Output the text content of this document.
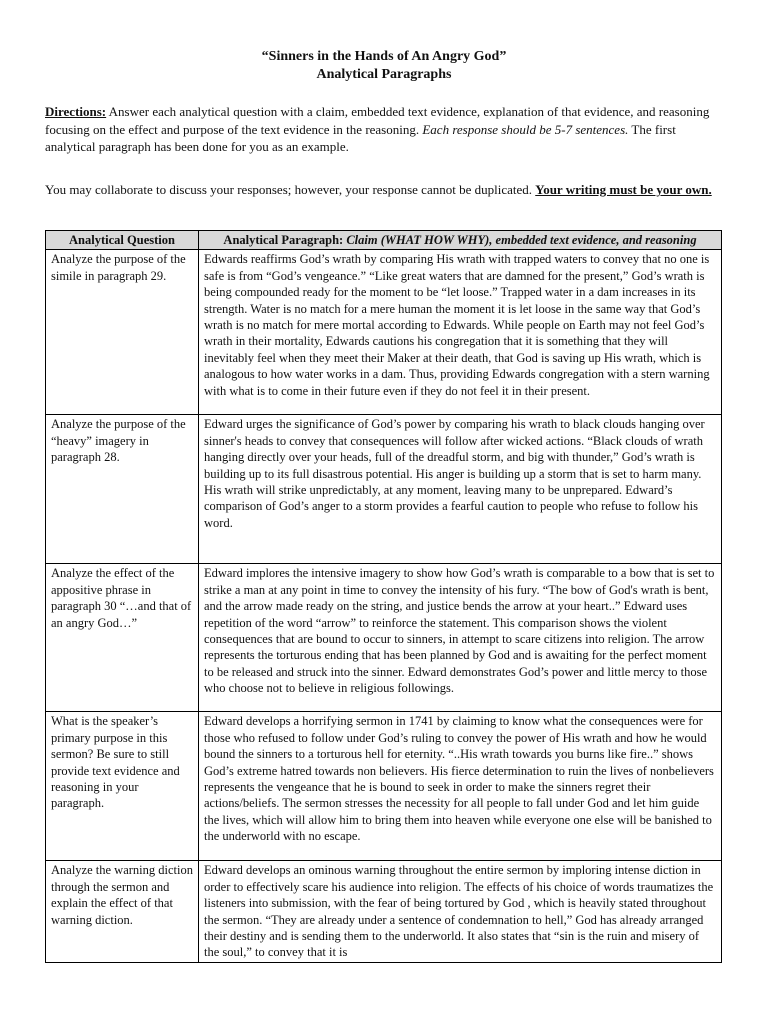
“Sinners in the Hands of An Angry God”
Analytical Paragraphs
Directions: Answer each analytical question with a claim, embedded text evidence, explanation of that evidence, and reasoning focusing on the effect and purpose of the text evidence in the reasoning. Each response should be 5-7 sentences. The first analytical paragraph has been done for you as an example.
You may collaborate to discuss your responses; however, your response cannot be duplicated. Your writing must be your own.
Analytical Question	Analytical Paragraph: Claim (WHAT HOW WHY), embedded text evidence, and reasoning
Analyze the purpose of the simile in paragraph 29.	Edwards reaffirms God’s wrath by comparing His wrath with trapped waters to convey that no one is safe is from “God’s vengeance.” “Like great waters that are damned for the present,” God’s wrath is being compounded ready for the moment to be “let loose.” Trapped water in a dam increases in its strength. Water is no match for a mere human the moment it is let loose in the same way that God’s wrath is no match for mere mortal according to Edwards. While people on Earth may not feel God’s wrath in their mortality, Edwards cautions his congregation that it is something that they will inevitably feel when they meet their Maker at their death, that God is saving up His wrath, which is analogous to how water works in a dam. Thus, providing Edwards congregation with a stern warning with what is to come in their future even if they do not feel it in their present.
Analyze the purpose of the “heavy” imagery in paragraph 28.	Edward urges the significance of God’s power by comparing his wrath to black clouds hanging over sinner's heads to convey that consequences will follow after wicked actions. “Black clouds of wrath hanging directly over your heads, full of the dreadful storm, and big with thunder,” God’s wrath is building up to its full disastrous potential. His anger is building up a storm that is set to harm many. His wrath will strike unpredictably, at any moment, leaving many to be unprepared. Edward’s comparison of God’s anger to a storm provides a fearful caution to people who refuse to follow his word.
Analyze the effect of the appositive phrase in paragraph 30 “…and that of an angry God…”	Edward implores the intensive imagery to show how God’s wrath is comparable to a bow that is set to strike a man at any point in time to convey the intensity of his fury. “The bow of God's wrath is bent, and the arrow made ready on the string, and justice bends the arrow at your heart..” Edward uses repetition of the word “arrow” to reinforce the statement. This comparison shows the violent consequences that are bound to occur to sinners, in attempt to scare citizens into religion. The arrow represents the torturous ending that has been planned by God and is awaiting for the perfect moment to be released and struck into the sinner. Edward demonstrates God’s power and little mercy to those who choose not to believe in religious followings.
What is the speaker’s primary purpose in this sermon? Be sure to still provide text evidence and reasoning in your paragraph.	Edward develops a horrifying sermon in 1741 by claiming to know what the consequences were for those who refused to follow under God’s ruling to convey the power of His wrath and how he would bound the sinners to a torturous hell for eternity. “..His wrath towards you burns like fire..” shows God’s extreme hatred towards non believers. His fierce determination to ruin the lives of nonbelievers represents the vengeance that he is bound to seek in order to make the sinners regret their actions/beliefs. The sermon stresses the necessity for all people to fall under God and let him guide the lives, which will allow him to bring them into heaven while everyone one else will be banished to the underworld with no escape.
Analyze the warning diction through the sermon and explain the effect of that warning diction.	Edward develops an ominous warning throughout the entire sermon by imploring intense diction in order to effectively scare his audience into religion. The effects of his choice of words traumatizes the listeners into submission, with the fear of being tortured by God , which is heavily stated throughout the sermon. “They are already under a sentence of condemnation to hell,” God has already arranged their destiny and is sending them to the underworld. It also states that “sin is the ruin and misery of the soul,” to convey that it is
